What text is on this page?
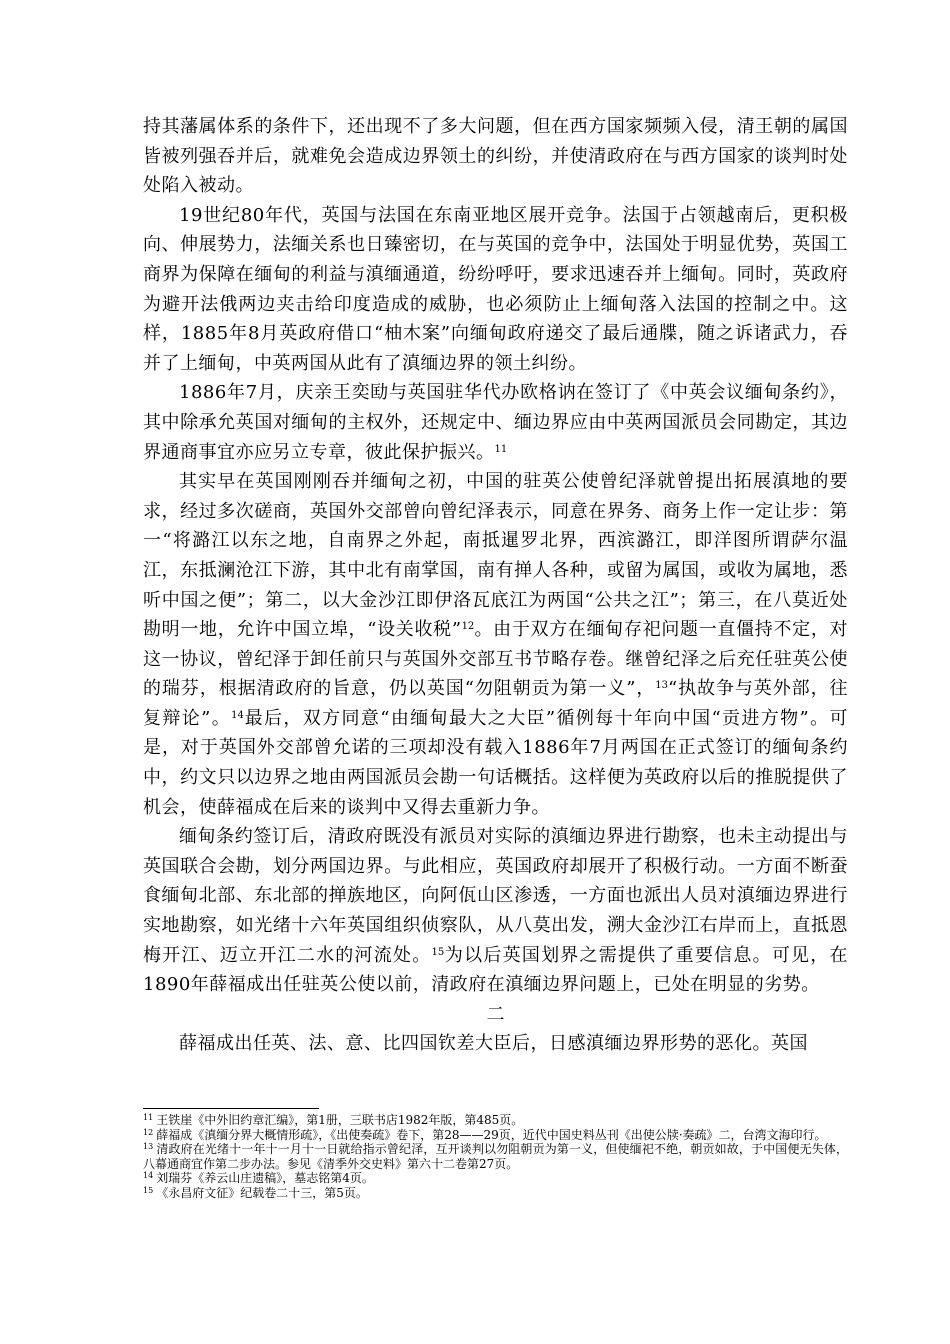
持其藩属体系的条件下，还出现不了多大问题，但在西方国家频频入侵，清王朝的属国皆被列强吞并后，就难免会造成边界领土的纠纷，并使清政府在与西方国家的谈判时处处陷入被动。

19世纪80年代，英国与法国在东南亚地区展开竞争。法国于占领越南后，更积极向、伸展势力，法缅关系也日臻密切，在与英国的竞争中，法国处于明显优势，英国工商界为保障在缅甸的利益与滇缅通道，纷纷呼吁，要求迅速吞并上缅甸。同时，英政府为避开法俄两边夹击给印度造成的威胁，也必须防止上缅甸落入法国的控制之中。这样，1885年8月英政府借口“柚木案”向缅甸政府递交了最后通牒，随之诉诸武力，吞并了上缅甸，中英两国从此有了滇缅边界的领土纠纷。

1886年7月，庆亲王奕劻与英国驻华代办欧格讷在签订了《中英会议缅甸条约》，其中除承允英国对缅甸的主权外，还规定中、缅边界应由中英两国派员会同勘定，其边界通商事宜亦应另立专章，彼此保护振兴。$^{11}$

其实早在英国刚刚吞并缅甸之初，中国的驻英公使曾纪泽就曾提出拓展滇地的要求，经过多次磋商，英国外交部曾向曾纪泽表示，同意在界务、商务上作一定让步：第一“将潞江以东之地，自南界之外起，南抵暹罗北界，西滨潞江，即洋图所谓萨尔温江，东抵澜沧江下游，其中北有南掌国，南有掸人各种，或留为属国，或收为属地，悉听中国之便”；第二，以大金沙江即伊洛瓦底江为两国“公共之江”；第三，在八莫近处勘明一地，允许中国立埠，“设关收税”$^{12}$。由于双方在缅甸存祀问题一直僵持不定，对这一协议，曾纪泽于卸任前只与英国外交部互书节略存卷。继曾纪泽之后充任驻英公使的瑞芬，根据清政府的旨意，仍以英国“勿阻朝贡为第一义”，$^{13}$“执故争与英外部，往复辩论”。$^{14}$最后，双方同意“由缅甸最大之大臣”循例每十年向中国“贡进方物”。可是，对于英国外交部曾允诺的三项却没有载入1886年7月两国在正式签订的缅甸条约中，约文只以边界之地由两国派员会勘一句话概括。这样便为英政府以后的推脱提供了机会，使薛福成在后来的谈判中又得去重新力争。

缅甸条约签订后，清政府既没有派员对实际的滇缅边界进行勘察，也未主动提出与英国联合会勘，划分两国边界。与此相应，英国政府却展开了积极行动。一方面不断蚕食缅甸北部、东北部的掸族地区，向阿佤山区渗透，一方面也派出人员对滇缅边界进行实地勘察，如光绪十六年英国组织侦察队，从八莫出发，溯大金沙江右岸而上，直抵恩梅开江、迈立开江二水的河流处。$^{15}$为以后英国划界之需提供了重要信息。可见，在1890年薛福成出任驻英公使以前，清政府在滇缅边界问题上，已处在明显的劣势。

二

薛福成出任英、法、意、比四国钦差大臣后，日感滇缅边界形势的恶化。英国

$^{11}$ 王铁崖《中外旧约章汇编》，第1册，三联书店1982年版，第485页。

$^{12}$ 薛福成《滇缅分界大概情形疏》，《出使奏疏》卷下，第28——29页，近代中国史料丛刊《出使公牍·奏疏》二，台湾文海印行。

$^{13}$ 清政府在光绪十一年十一月十一日就给指示曾纪泽，互开谈判以勿阻朝贡为第一义，但使缅祀不绝，朝贡如故，于中国便无失体，八幕通商宜作第二步办法。参见《清季外交史料》第六十二卷第27页。

$^{14}$ 刘瑞芬《养云山庄遗稿》，墓志铭第4页。

$^{15}$ 《永昌府文征》纪载卷二十三，第5页。
